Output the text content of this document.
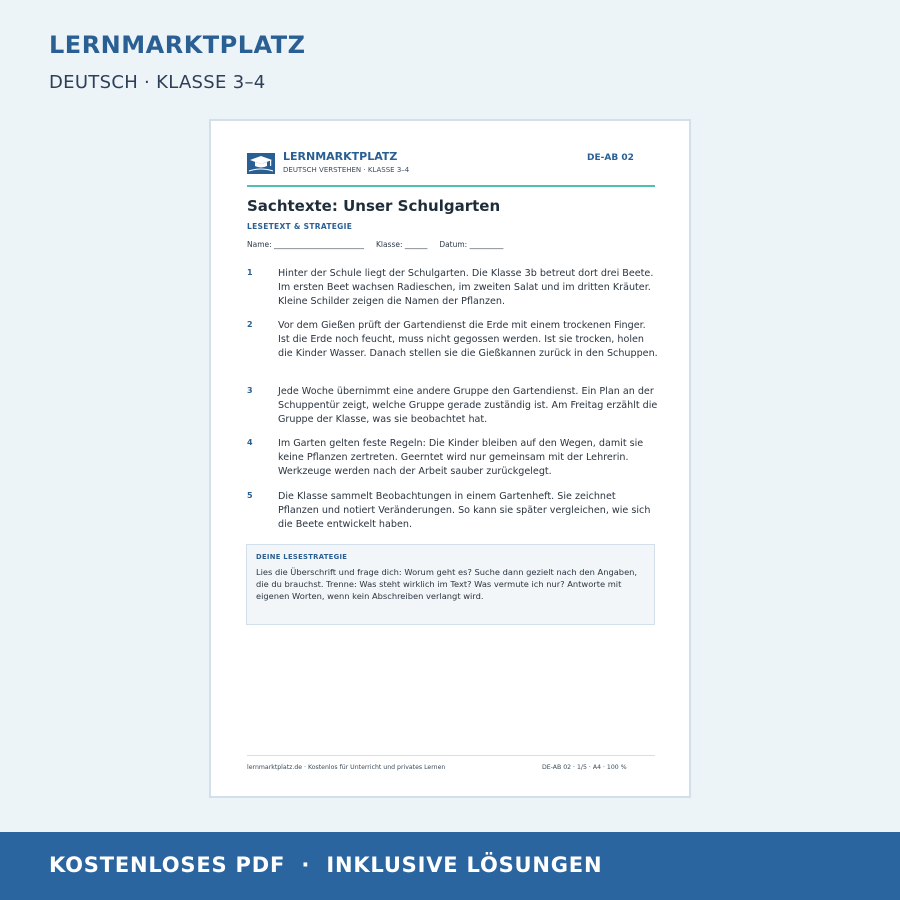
LERNMARKTPLATZ
DEUTSCH · KLASSE 3–4
LERNMARKTPLATZ
DEUTSCH VERSTEHEN · KLASSE 3–4
DE-AB 02
Sachtexte: Unser Schulgarten
LESETEXT & STRATEGIE
Name: ________________________     Klasse: ______     Datum: _________
1	Hinter der Schule liegt der Schulgarten. Die Klasse 3b betreut dort drei Beete. Im ersten Beet wachsen Radieschen, im zweiten Salat und im dritten Kräuter. Kleine Schilder zeigen die Namen der Pflanzen.
2	Vor dem Gießen prüft der Gartendienst die Erde mit einem trockenen Finger. Ist die Erde noch feucht, muss nicht gegossen werden. Ist sie trocken, holen die Kinder Wasser. Danach stellen sie die Gießkannen zurück in den Schuppen.
3	Jede Woche übernimmt eine andere Gruppe den Gartendienst. Ein Plan an der Schuppentür zeigt, welche Gruppe gerade zuständig ist. Am Freitag erzählt die Gruppe der Klasse, was sie beobachtet hat.
4	Im Garten gelten feste Regeln: Die Kinder bleiben auf den Wegen, damit sie keine Pflanzen zertreten. Geerntet wird nur gemeinsam mit der Lehrerin. Werkzeuge werden nach der Arbeit sauber zurückgelegt.
5	Die Klasse sammelt Beobachtungen in einem Gartenheft. Sie zeichnet Pflanzen und notiert Veränderungen. So kann sie später vergleichen, wie sich die Beete entwickelt haben.
DEINE LESESTRATEGIE
Lies die Überschrift und frage dich: Worum geht es? Suche dann gezielt nach den Angaben, die du brauchst. Trenne: Was steht wirklich im Text? Was vermute ich nur? Antworte mit eigenen Worten, wenn kein Abschreiben verlangt wird.
lernmarktplatz.de · Kostenlos für Unterricht und privates Lernen	DE-AB 02 · 1/5 · A4 · 100 %
KOSTENLOSES PDF  ·  INKLUSIVE LÖSUNGEN
